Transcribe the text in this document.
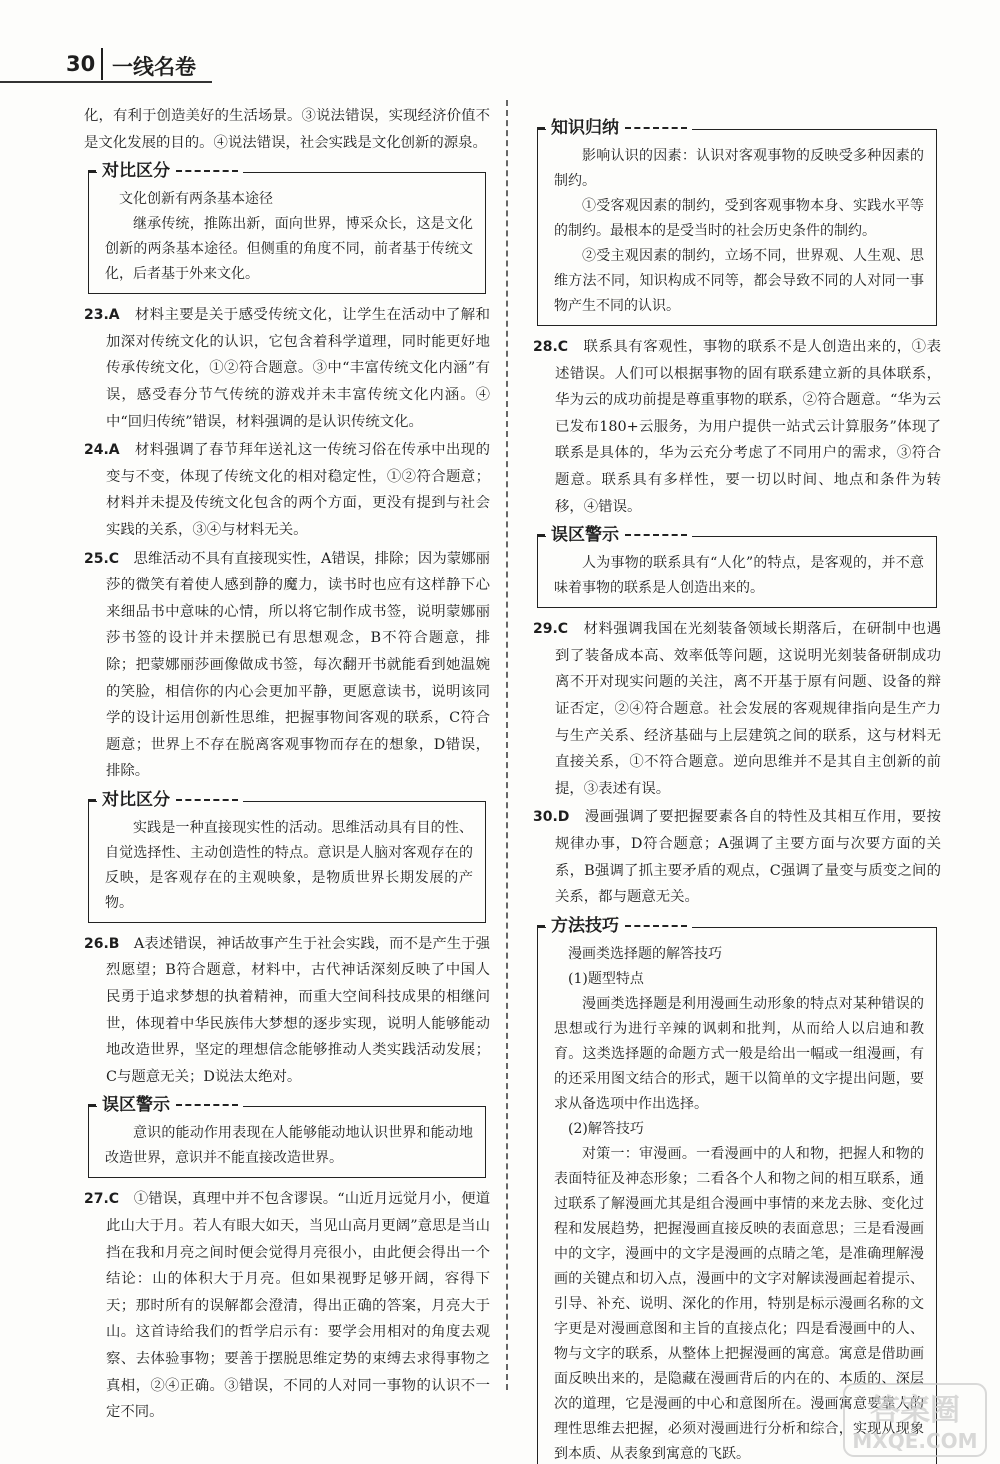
30 一线名卷
化，有利于创造美好的生活场景。③说法错误，实现经济价值不是文化发展的目的。④说法错误，社会实践是文化创新的源泉。
对比区分
文化创新有两条基本途径
继承传统，推陈出新，面向世界，博采众长，这是文化创新的两条基本途径。但侧重的角度不同，前者基于传统文化，后者基于外来文化。
23.A　 材料主要是关于感受传统文化，让学生在活动中了解和加深对传统文化的认识，它包含着科学道理，同时能更好地传承传统文化，①②符合题意。③中“丰富传统文化内涵”有误，感受春分节气传统的游戏并未丰富传统文化内涵。④中“回归传统”错误，材料强调的是认识传统文化。
24.A　 材料强调了春节拜年送礼这一传统习俗在传承中出现的变与不变，体现了传统文化的相对稳定性，①②符合题意；材料并未提及传统文化包含的两个方面，更没有提到与社会实践的关系，③④与材料无关。
25.C　 思维活动不具有直接现实性，A错误，排除；因为蒙娜丽莎的微笑有着使人感到静的魔力，读书时也应有这样静下心来细品书中意味的心情，所以将它制作成书签，说明蒙娜丽莎书签的设计并未摆脱已有思想观念，B不符合题意，排除；把蒙娜丽莎画像做成书签，每次翻开书就能看到她温婉的笑脸，相信你的内心会更加平静，更愿意读书，说明该同学的设计运用创新性思维，把握事物间客观的联系，C符合题意；世界上不存在脱离客观事物而存在的想象，D错误，排除。
对比区分
实践是一种直接现实性的活动。思维活动具有目的性、自觉选择性、主动创造性的特点。意识是人脑对客观存在的反映，是客观存在的主观映象，是物质世界长期发展的产物。
26.B　 A表述错误，神话故事产生于社会实践，而不是产生于强烈愿望；B符合题意，材料中，古代神话深刻反映了中国人民勇于追求梦想的执着精神，而重大空间科技成果的相继问世，体现着中华民族伟大梦想的逐步实现，说明人能够能动地改造世界，坚定的理想信念能够推动人类实践活动发展；C与题意无关；D说法太绝对。
误区警示
意识的能动作用表现在人能够能动地认识世界和能动地改造世界，意识并不能直接改造世界。
27.C　 ①错误，真理中并不包含谬误。“山近月远觉月小，便道此山大于月。若人有眼大如天，当见山高月更阔”意思是当山挡在我和月亮之间时便会觉得月亮很小，由此便会得出一个结论：山的体积大于月亮。但如果视野足够开阔，容得下天；那时所有的误解都会澄清，得出正确的答案，月亮大于山。这首诗给我们的哲学启示有：要学会用相对的角度去观察、去体验事物；要善于摆脱思维定势的束缚去求得事物之真相，②④正确。③错误，不同的人对同一事物的认识不一定不同。
知识归纳
影响认识的因素：认识对客观事物的反映受多种因素的制约。
①受客观因素的制约，受到客观事物本身、实践水平等的制约。最根本的是受当时的社会历史条件的制约。
②受主观因素的制约，立场不同，世界观、人生观、思维方法不同，知识构成不同等，都会导致不同的人对同一事物产生不同的认识。
28.C　 联系具有客观性，事物的联系不是人创造出来的，①表述错误。人们可以根据事物的固有联系建立新的具体联系，华为云的成功前提是尊重事物的联系，②符合题意。“华为云已发布180+云服务，为用户提供一站式云计算服务”体现了联系是具体的，华为云充分考虑了不同用户的需求，③符合题意。联系具有多样性，要一切以时间、地点和条件为转移，④错误。
误区警示
人为事物的联系具有“人化”的特点，是客观的，并不意味着事物的联系是人创造出来的。
29.C　 材料强调我国在光刻装备领域长期落后，在研制中也遇到了装备成本高、效率低等问题，这说明光刻装备研制成功离不开对现实问题的关注，离不开基于原有问题、设备的辩证否定，②④符合题意。社会发展的客观规律指向是生产力与生产关系、经济基础与上层建筑之间的联系，这与材料无直接关系，①不符合题意。逆向思维并不是其自主创新的前提，③表述有误。
30.D　 漫画强调了要把握要素各自的特性及其相互作用，要按规律办事，D符合题意；A强调了主要方面与次要方面的关系，B强调了抓主要矛盾的观点，C强调了量变与质变之间的关系，都与题意无关。
方法技巧
漫画类选择题的解答技巧
(1)题型特点
漫画类选择题是利用漫画生动形象的特点对某种错误的思想或行为进行辛辣的讽刺和批判，从而给人以启迪和教育。这类选择题的命题方式一般是给出一幅或一组漫画，有的还采用图文结合的形式，题干以简单的文字提出问题，要求从备选项中作出选择。
(2)解答技巧
对策一：审漫画。一看漫画中的人和物，把握人和物的表面特征及神态形象；二看各个人和物之间的相互联系，通过联系了解漫画尤其是组合漫画中事情的来龙去脉、变化过程和发展趋势，把握漫画直接反映的表面意思；三是看漫画中的文字，漫画中的文字是漫画的点睛之笔，是准确理解漫画的关键点和切入点，漫画中的文字对解读漫画起着提示、引导、补充、说明、深化的作用，特别是标示漫画名称的文字更是对漫画意图和主旨的直接点化；四是看漫画中的人、物与文字的联系，从整体上把握漫画的寓意。寓意是借助画面反映出来的，是隐藏在漫画背后的内在的、本质的、深层次的道理，它是漫画的中心和意图所在。漫画寓意要靠人的理性思维去把握，必须对漫画进行分析和综合，实现从现象到本质、从表象到寓意的飞跃。
答案圈
MXQE.COM
